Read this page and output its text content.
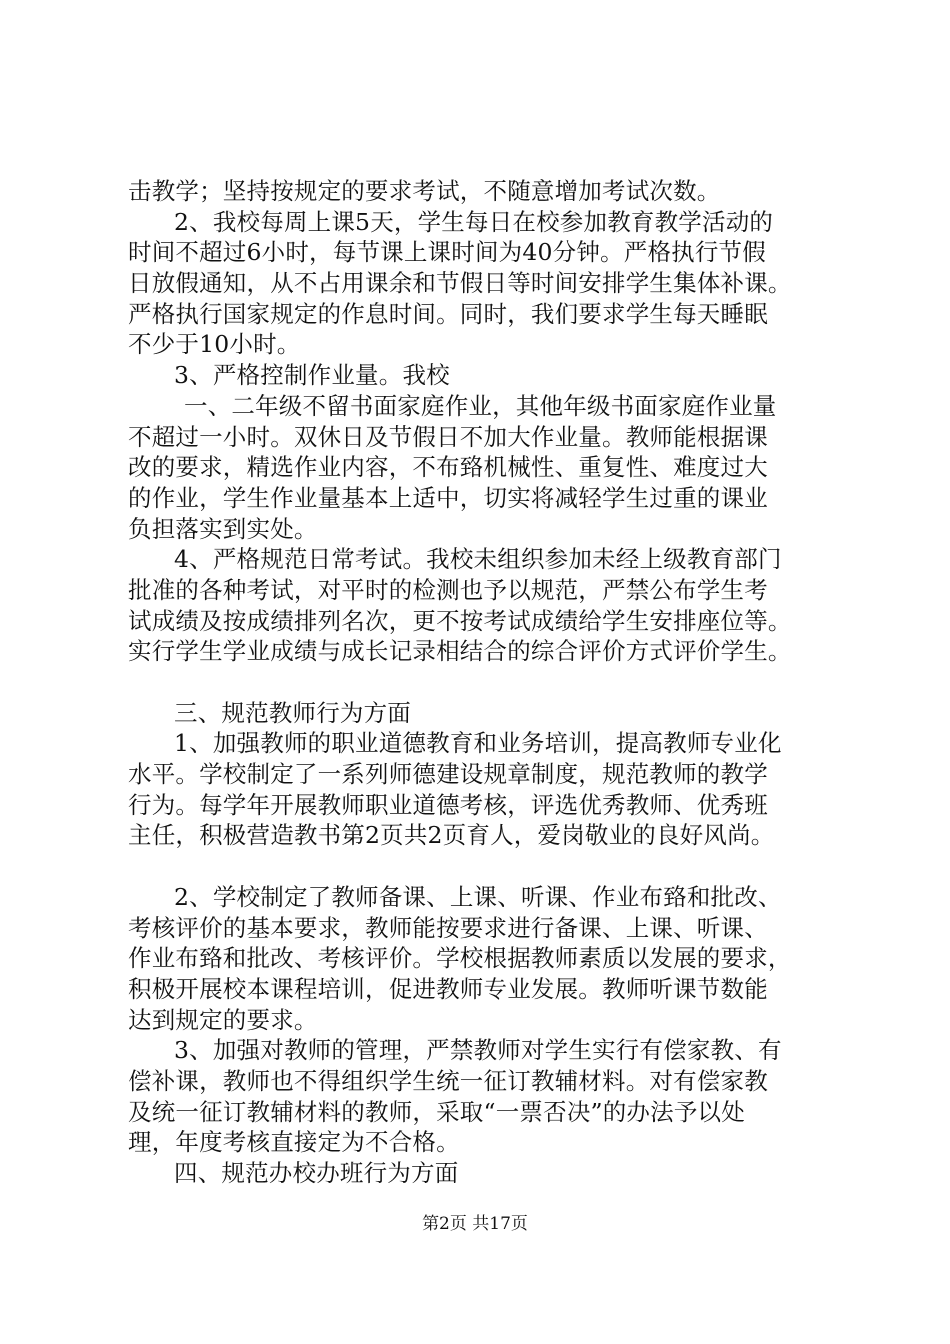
击教学；坚持按规定的要求考试，不随意增加考试次数。
2、我校每周上课5天，学生每日在校参加教育教学活动的
时间不超过6小时，每节课上课时间为40分钟。严格执行节假
日放假通知，从不占用课余和节假日等时间安排学生集体补课。
严格执行国家规定的作息时间。同时，我们要求学生每天睡眠
不少于10小时。
3、严格控制作业量。我校
一、二年级不留书面家庭作业，其他年级书面家庭作业量
不超过一小时。双休日及节假日不加大作业量。教师能根据课
改的要求，精选作业内容，不布臵机械性、重复性、难度过大
的作业，学生作业量基本上适中，切实将减轻学生过重的课业
负担落实到实处。
4、严格规范日常考试。我校未组织参加未经上级教育部门
批准的各种考试，对平时的检测也予以规范，严禁公布学生考
试成绩及按成绩排列名次，更不按考试成绩给学生安排座位等。
实行学生学业成绩与成长记录相结合的综合评价方式评价学生。
三、规范教师行为方面
1、加强教师的职业道德教育和业务培训，提高教师专业化
水平。学校制定了一系列师德建设规章制度，规范教师的教学
行为。每学年开展教师职业道德考核，评选优秀教师、优秀班
主任，积极营造教书第2页共2页育人，爱岗敬业的良好风尚。
2、学校制定了教师备课、上课、听课、作业布臵和批改、
考核评价的基本要求，教师能按要求进行备课、上课、听课、
作业布臵和批改、考核评价。学校根据教师素质以发展的要求，
积极开展校本课程培训，促进教师专业发展。教师听课节数能
达到规定的要求。
3、加强对教师的管理，严禁教师对学生实行有偿家教、有
偿补课，教师也不得组织学生统一征订教辅材料。对有偿家教
及统一征订教辅材料的教师，采取“一票否决”的办法予以处
理，年度考核直接定为不合格。
四、规范办校办班行为方面
第2页 共17页
